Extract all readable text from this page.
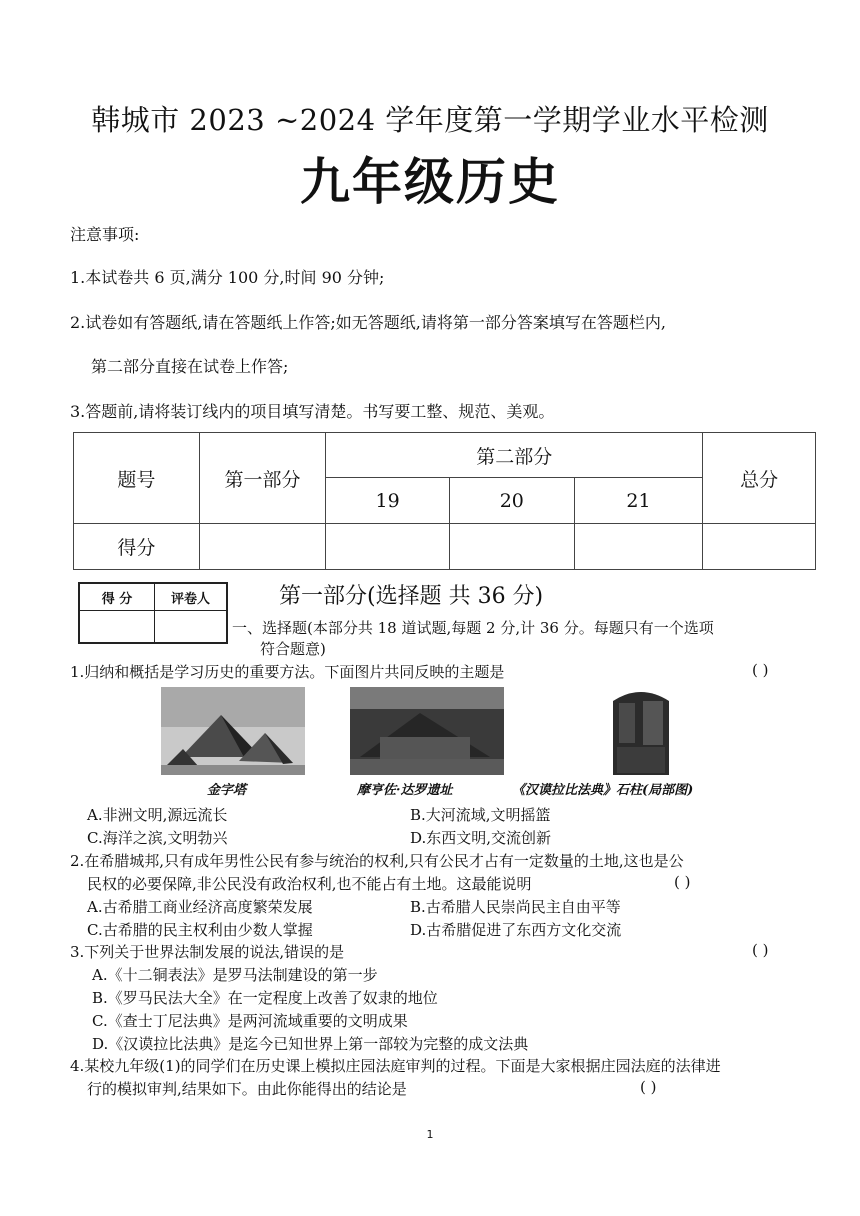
韩城市 2023 ~2024 学年度第一学期学业水平检测
九年级历史
注意事项:
1.本试卷共 6 页,满分 100 分,时间 90 分钟;
2.试卷如有答题纸,请在答题纸上作答;如无答题纸,请将第一部分答案填写在答题栏内,
第二部分直接在试卷上作答;
3.答题前,请将装订线内的项目填写清楚。书写要工整、规范、美观。
题号	第一部分	第二部分			总分
		19	20	21	
得分					
得 分	评卷人	第一部分(选择题 共 36 分)
一、选择题(本部分共 18 道试题,每题 2 分,计 36 分。每题只有一个选项
符合题意)
1.归纳和概括是学习历史的重要方法。下面图片共同反映的主题是	( )
金字塔	摩亨佐·达罗遗址	《汉谟拉比法典》石柱(局部图)
A.非洲文明,源远流长	B.大河流域,文明摇篮
C.海洋之滨,文明勃兴	D.东西文明,交流创新
2.在希腊城邦,只有成年男性公民有参与统治的权利,只有公民才占有一定数量的土地,这也是公
民权的必要保障,非公民没有政治权利,也不能占有土地。这最能说明	( )
A.古希腊工商业经济高度繁荣发展	B.古希腊人民崇尚民主自由平等
C.古希腊的民主权利由少数人掌握	D.古希腊促进了东西方文化交流
3.下列关于世界法制发展的说法,错误的是	( )
A.《十二铜表法》是罗马法制建设的第一步
B.《罗马民法大全》在一定程度上改善了奴隶的地位
C.《查士丁尼法典》是两河流域重要的文明成果
D.《汉谟拉比法典》是迄今已知世界上第一部较为完整的成文法典
4.某校九年级(1)的同学们在历史课上模拟庄园法庭审判的过程。下面是大家根据庄园法庭的法律进
行的模拟审判,结果如下。由此你能得出的结论是	( )
1
